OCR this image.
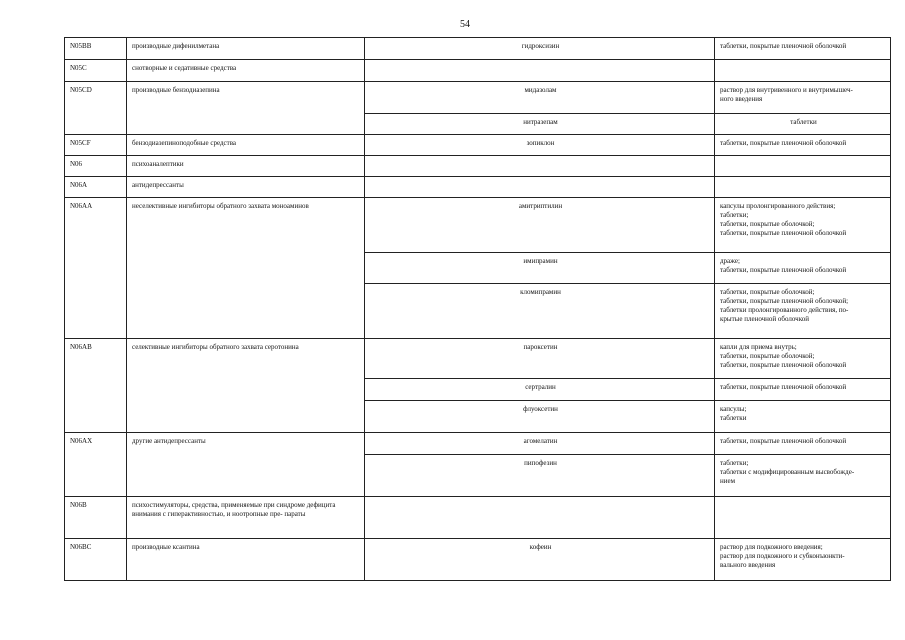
54
N05BB	производные дифенилметана	гидроксизин	таблетки, покрытые пленочной оболочкой

N05C	снотворные и седативные средства		
N05CD	производные бензодиазепина	мидазолам	раствор для внутривенного и внутримышеч-
ного введения

		нитразепам	таблетки

N05CF	бензодиазепиноподобные средства	зопиклон	таблетки, покрытые пленочной оболочкой

N06	психоаналептики		
N06A	антидепрессанты		
N06AA	неселективные ингибиторы обратного захвата моноаминов	амитриптилин	капсулы пролонгированного действия;
таблетки;
таблетки, покрытые оболочкой;
таблетки, покрытые пленочной оболочкой

		имипрамин	драже;
таблетки, покрытые пленочной оболочкой

		кломипрамин	таблетки, покрытые оболочкой;
таблетки, покрытые пленочной оболочкой;
таблетки пролонгированного действия, по-
крытые пленочной оболочкой

N06AB	селективные ингибиторы обратного захвата серотонина	пароксетин	капли для приема внутрь;
таблетки, покрытые оболочкой;
таблетки, покрытые пленочной оболочкой

		сертралин	таблетки, покрытые пленочной оболочкой

		флуоксетин	капсулы;
таблетки

N06AX	другие антидепрессанты	агомелатин	таблетки, покрытые пленочной оболочкой

		пипофезин	таблетки;
таблетки с модифицированным высвобожде-
нием

N06B	психостимуляторы, средства, применяемые при синдроме дефицита внимания с гиперактивностью, и ноотропные пре- параты		
N06BC	производные ксантина	кофеин	раствор для подкожного введения;
раствор для подкожного и субконъюнкти-
вального введения
